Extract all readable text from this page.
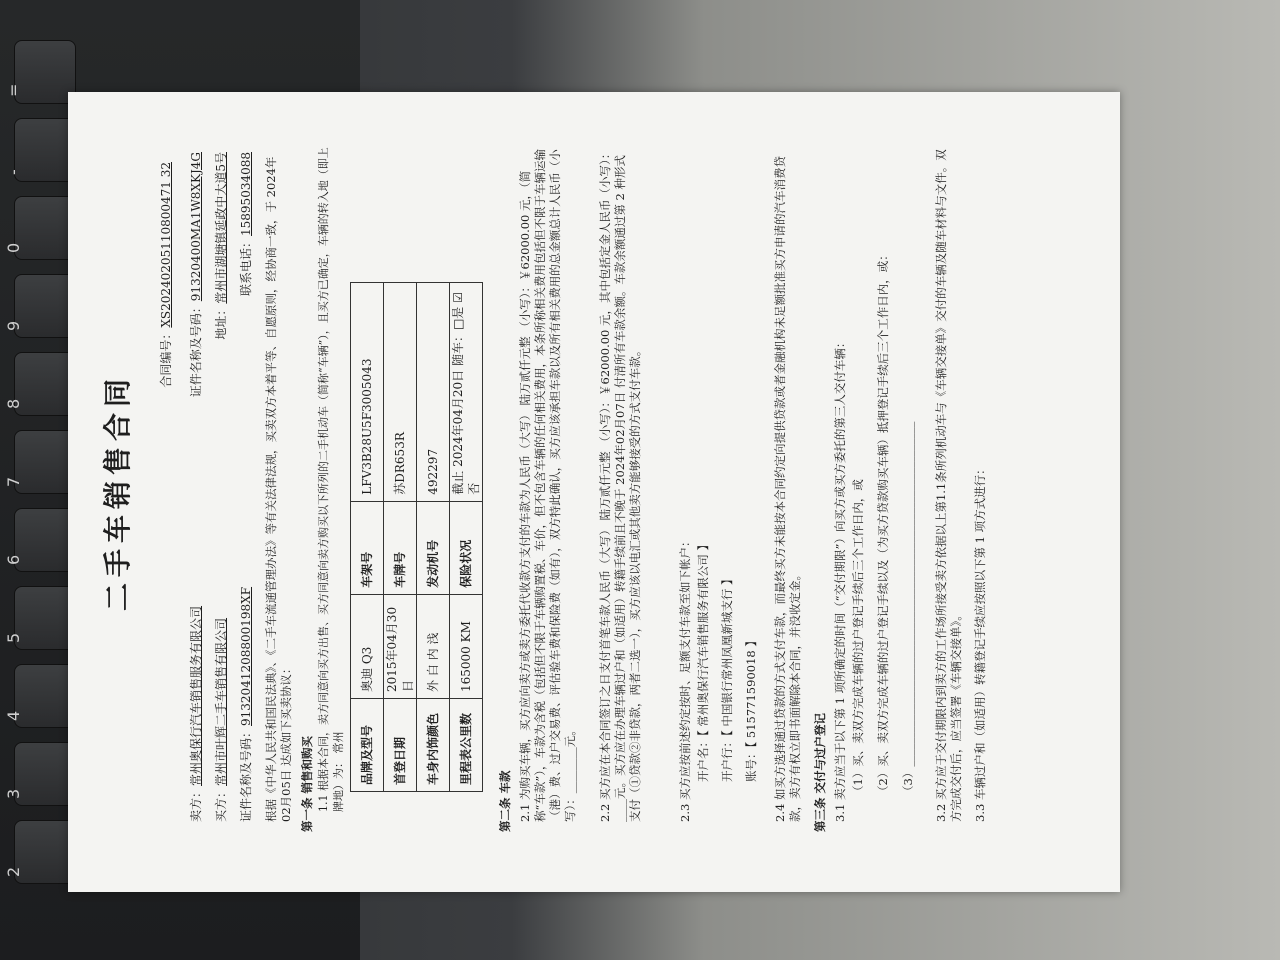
2
3
4
5
6
7
8
9
0
-
=
二手车销售合同
合同编号：XS20240205110800471 32
卖方：常州奥保行汽车销售服务有限公司
证件名称及号码：91320400MA1W8XKJ4G
买方：常州市叶辉二手车销售有限公司
地址：常州市湖塘镇延政中大道5号
证件名称及号码：91320412088001​98XF
联系电话：15895034088 根据《中华人民共和国民法典》、《二手车流通管理办法》等有关法律法规，买卖双方本着平等、自愿原则，经协商一致，于 2024年02月05日 达成如下买卖协议： 第一条 销售和购买 1.1 根据本合同，卖方同意向买方出售、买方同意向卖方购买以下所列的二手机动车（简称“车辆”），且买方已确定，车辆的转入地（即上牌地）为： 常州 品牌及型号	奥迪 Q3	车架号	LFV3B28U5F3005043
首登日期	2015年04月30日	车牌号	苏DR653R
车身内饰颜色	外 白 内 浅	发动机号	492297
里程表公里数	165000 KM	保险状况	截止 2024年04月20日 随车：□是 ☑否
第二条 车款 2.1 为购买车辆，买方应向卖方或卖方委托代收款方支付的车款为人民币（大写） 陆万贰仟元整 （小写）：￥62000.00 元，（简称“车款”），车款为含税（包括但不限于车辆购置税、车价，但不包含车辆的任何相关费用，本条所称相关费用包括但不限于车辆运输（港）费、过户交易费、评估验车费和保险费（如有），双方特此确认，买方应该承担车款以及所有相关费用的总金额总计人民币（小写）：________元。 2.2 买方应在本合同签订之日支付首笔车款人民币（大写） 陆万贰仟元整 （小写）：￥62000.00 元，其中包括定金人民币（小写）：____元。买方应在办理车辆过户和（如适用）转籍手续前且不晚于 2024年02月07日 付清所有车款余额。车款余额通过第 2 种形式支付（①贷款②非贷款，两者二选一），买方应该以电汇或其他卖方能够接受的方式支付车款。	2.3 买方应按前述约定按时、足额支付车款至如下帐户： 开户名：【 常州奥保行汽车销售服务有限公司 】
开户行：【 中国银行常州凤凰新城支行 】
账号：【 515771590018 】 2.4 如买方选择通过贷款的方式支付车款，而最终买方未能按本合同约定向提供贷款或者金融机构未足额批准买方申请的汽车消费贷款，卖方有权立即书面解除本合同，并没收定金。 第三条 交付与过户登记 3.1 卖方应当于以下第 1 项所确定的时间（“交付期限”）向买方或买方委托的第三人交付车辆： （1）买、卖双方完成车辆的过户登记手续后三个工作日内，或 （2）买、卖双方完成车辆的过户登记手续以及（为买方贷款购买车辆）抵押登记手续后三个工作日内，或： （3）____________________________________________________________ 3.2 买方应于交付期限内到卖方的工作场所接受卖方依据以上第1.1条所列机动车与《车辆交接单》交付的车辆及随车材料与文件。双方完成交付后，应当签署《车辆交接单》。 3.3 车辆过户和（如适用）转籍登记手续应按照以下第 1 项方式进行：
